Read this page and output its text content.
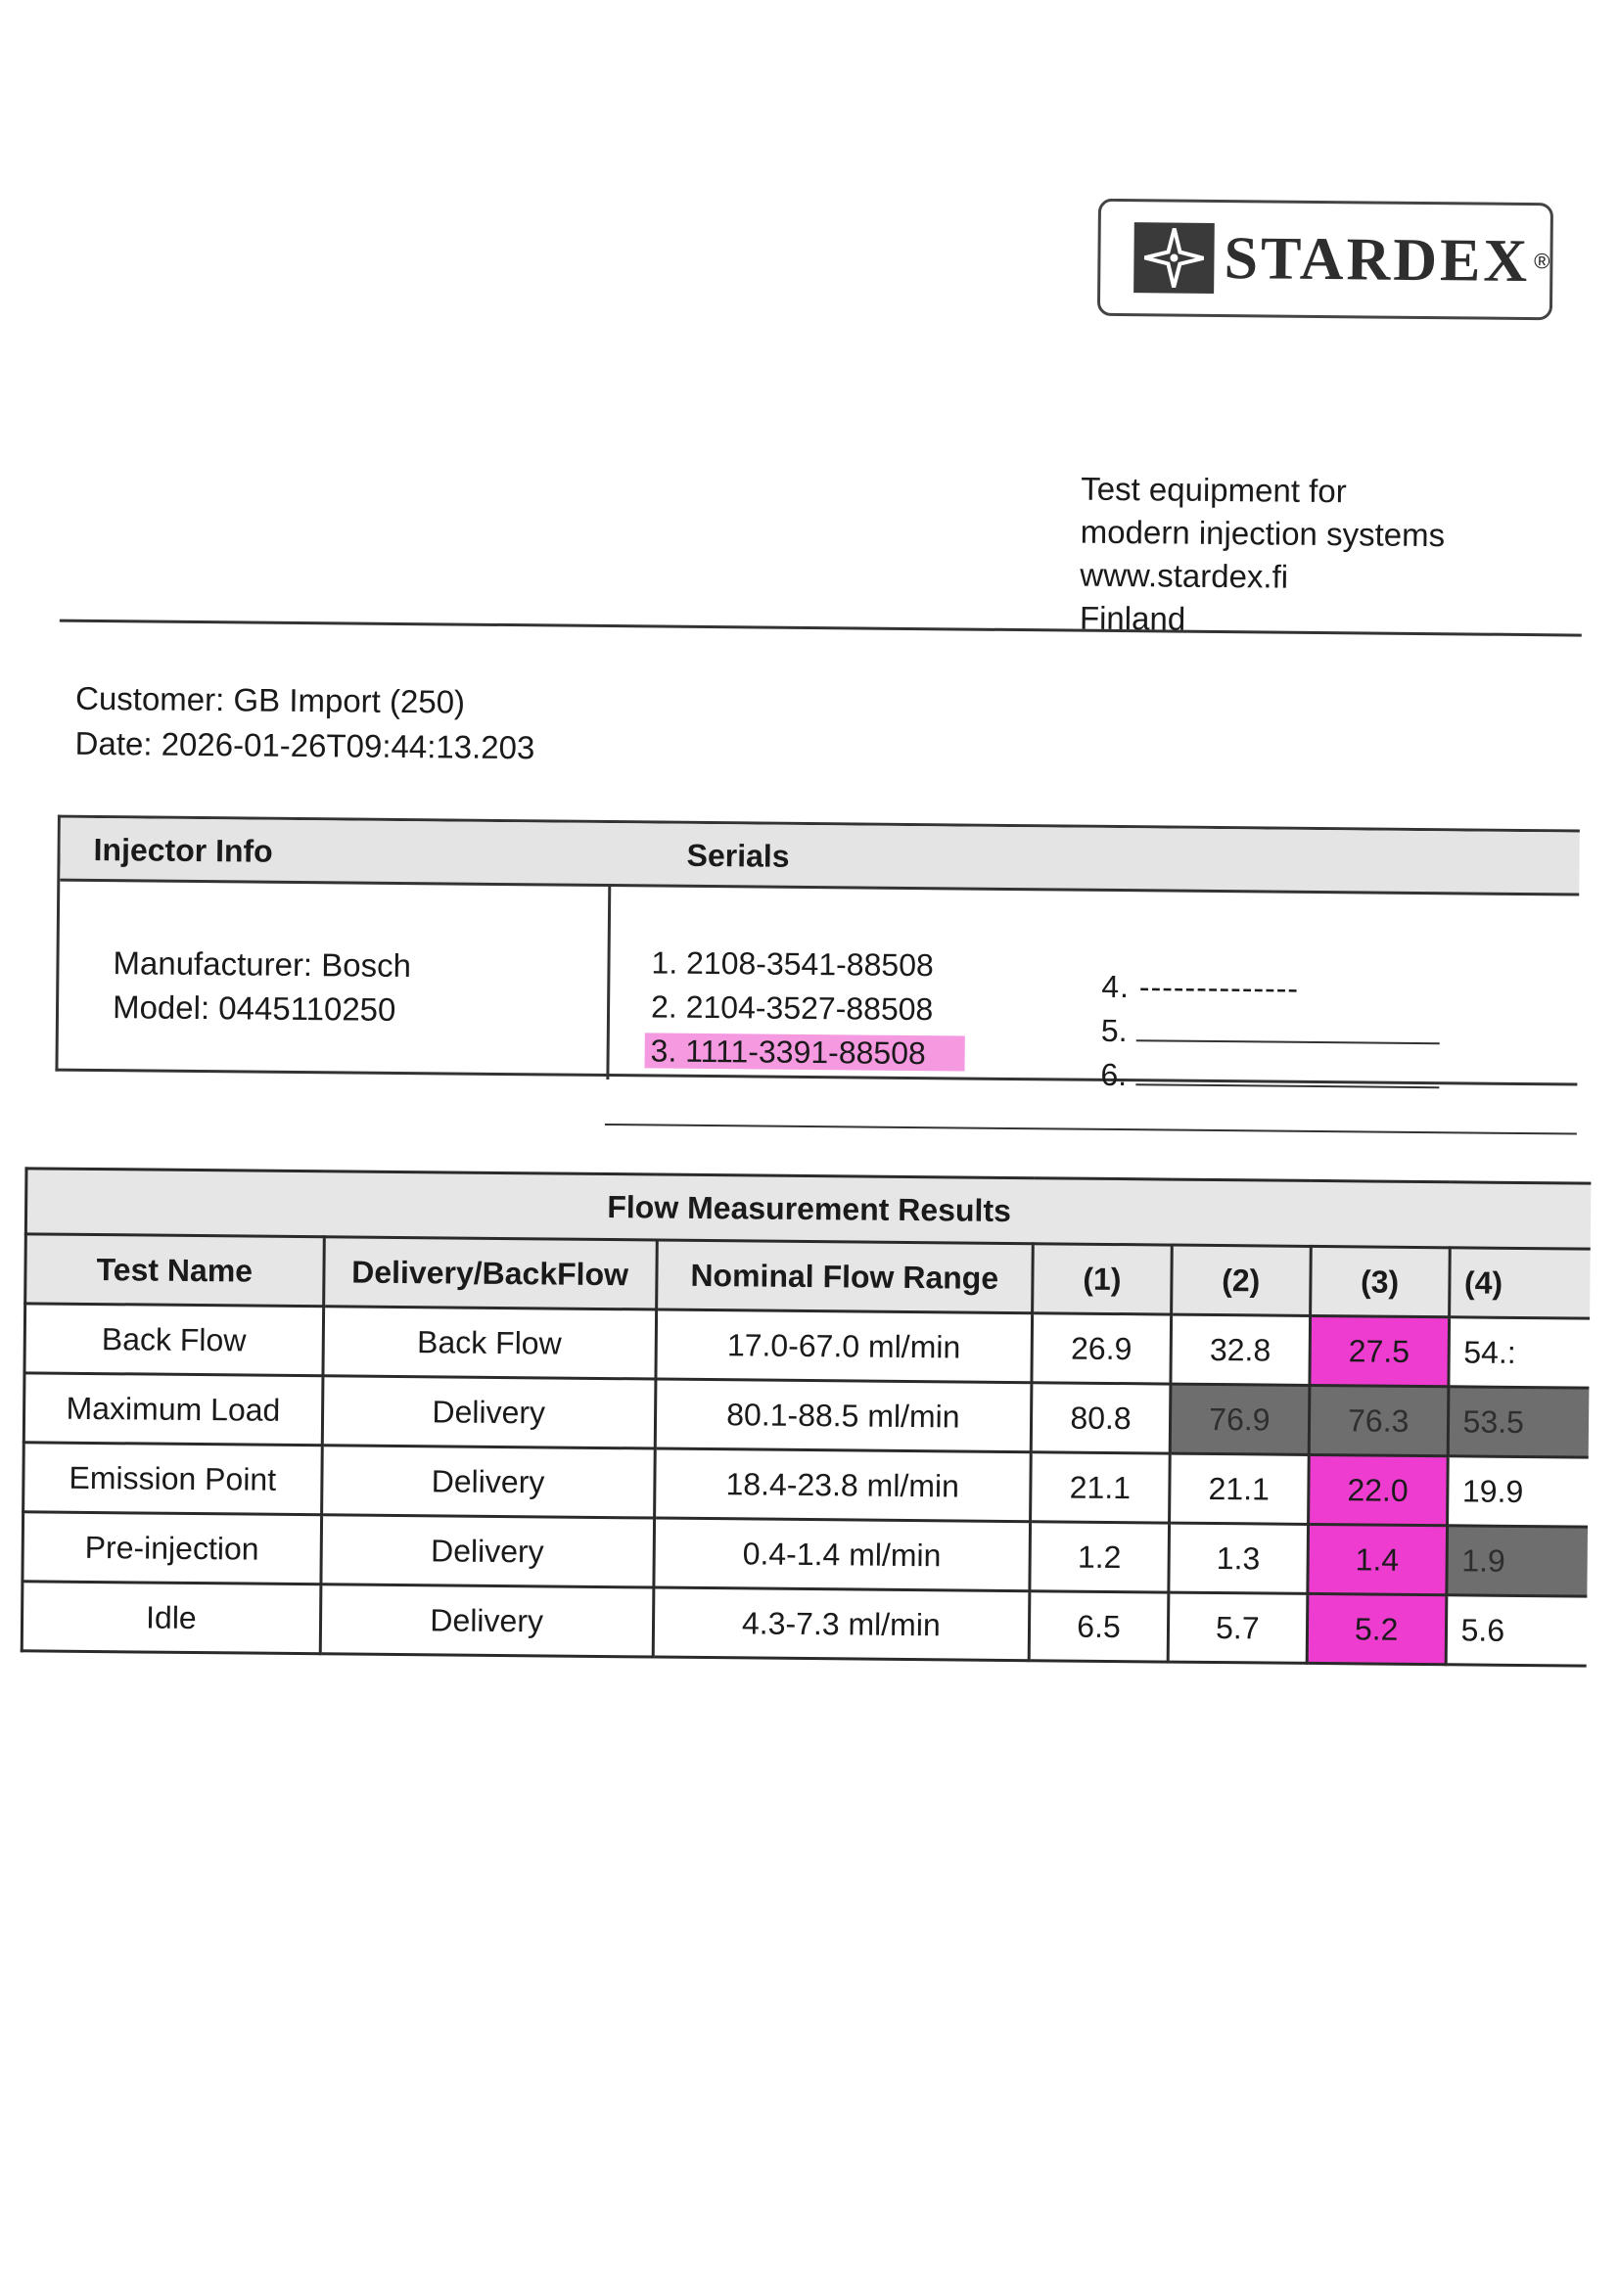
STARDEX ®
Test equipment for
modern injection systems
www.stardex.fi
Finland
Customer: GB Import (250)
Date: 2026-01-26T09:44:13.203
Injector Info	Serials
Manufacturer: Bosch
Model: 0445110250
1. 2108-3541-88508
2. 2104-3527-88508
3. 1111-3391-88508
4. --------------
5.
6.
Flow Measurement Results						
Test Name	Delivery/BackFlow	Nominal Flow Range	(1)	(2)	(3)	(4)
Back Flow	Back Flow	17.0-67.0 ml/min	26.9	32.8	27.5	54.:
Maximum Load	Delivery	80.1-88.5 ml/min	80.8	76.9	76.3	53.5
Emission Point	Delivery	18.4-23.8 ml/min	21.1	21.1	22.0	19.9
Pre-injection	Delivery	0.4-1.4 ml/min	1.2	1.3	1.4	1.9
Idle	Delivery	4.3-7.3 ml/min	6.5	5.7	5.2	5.6
